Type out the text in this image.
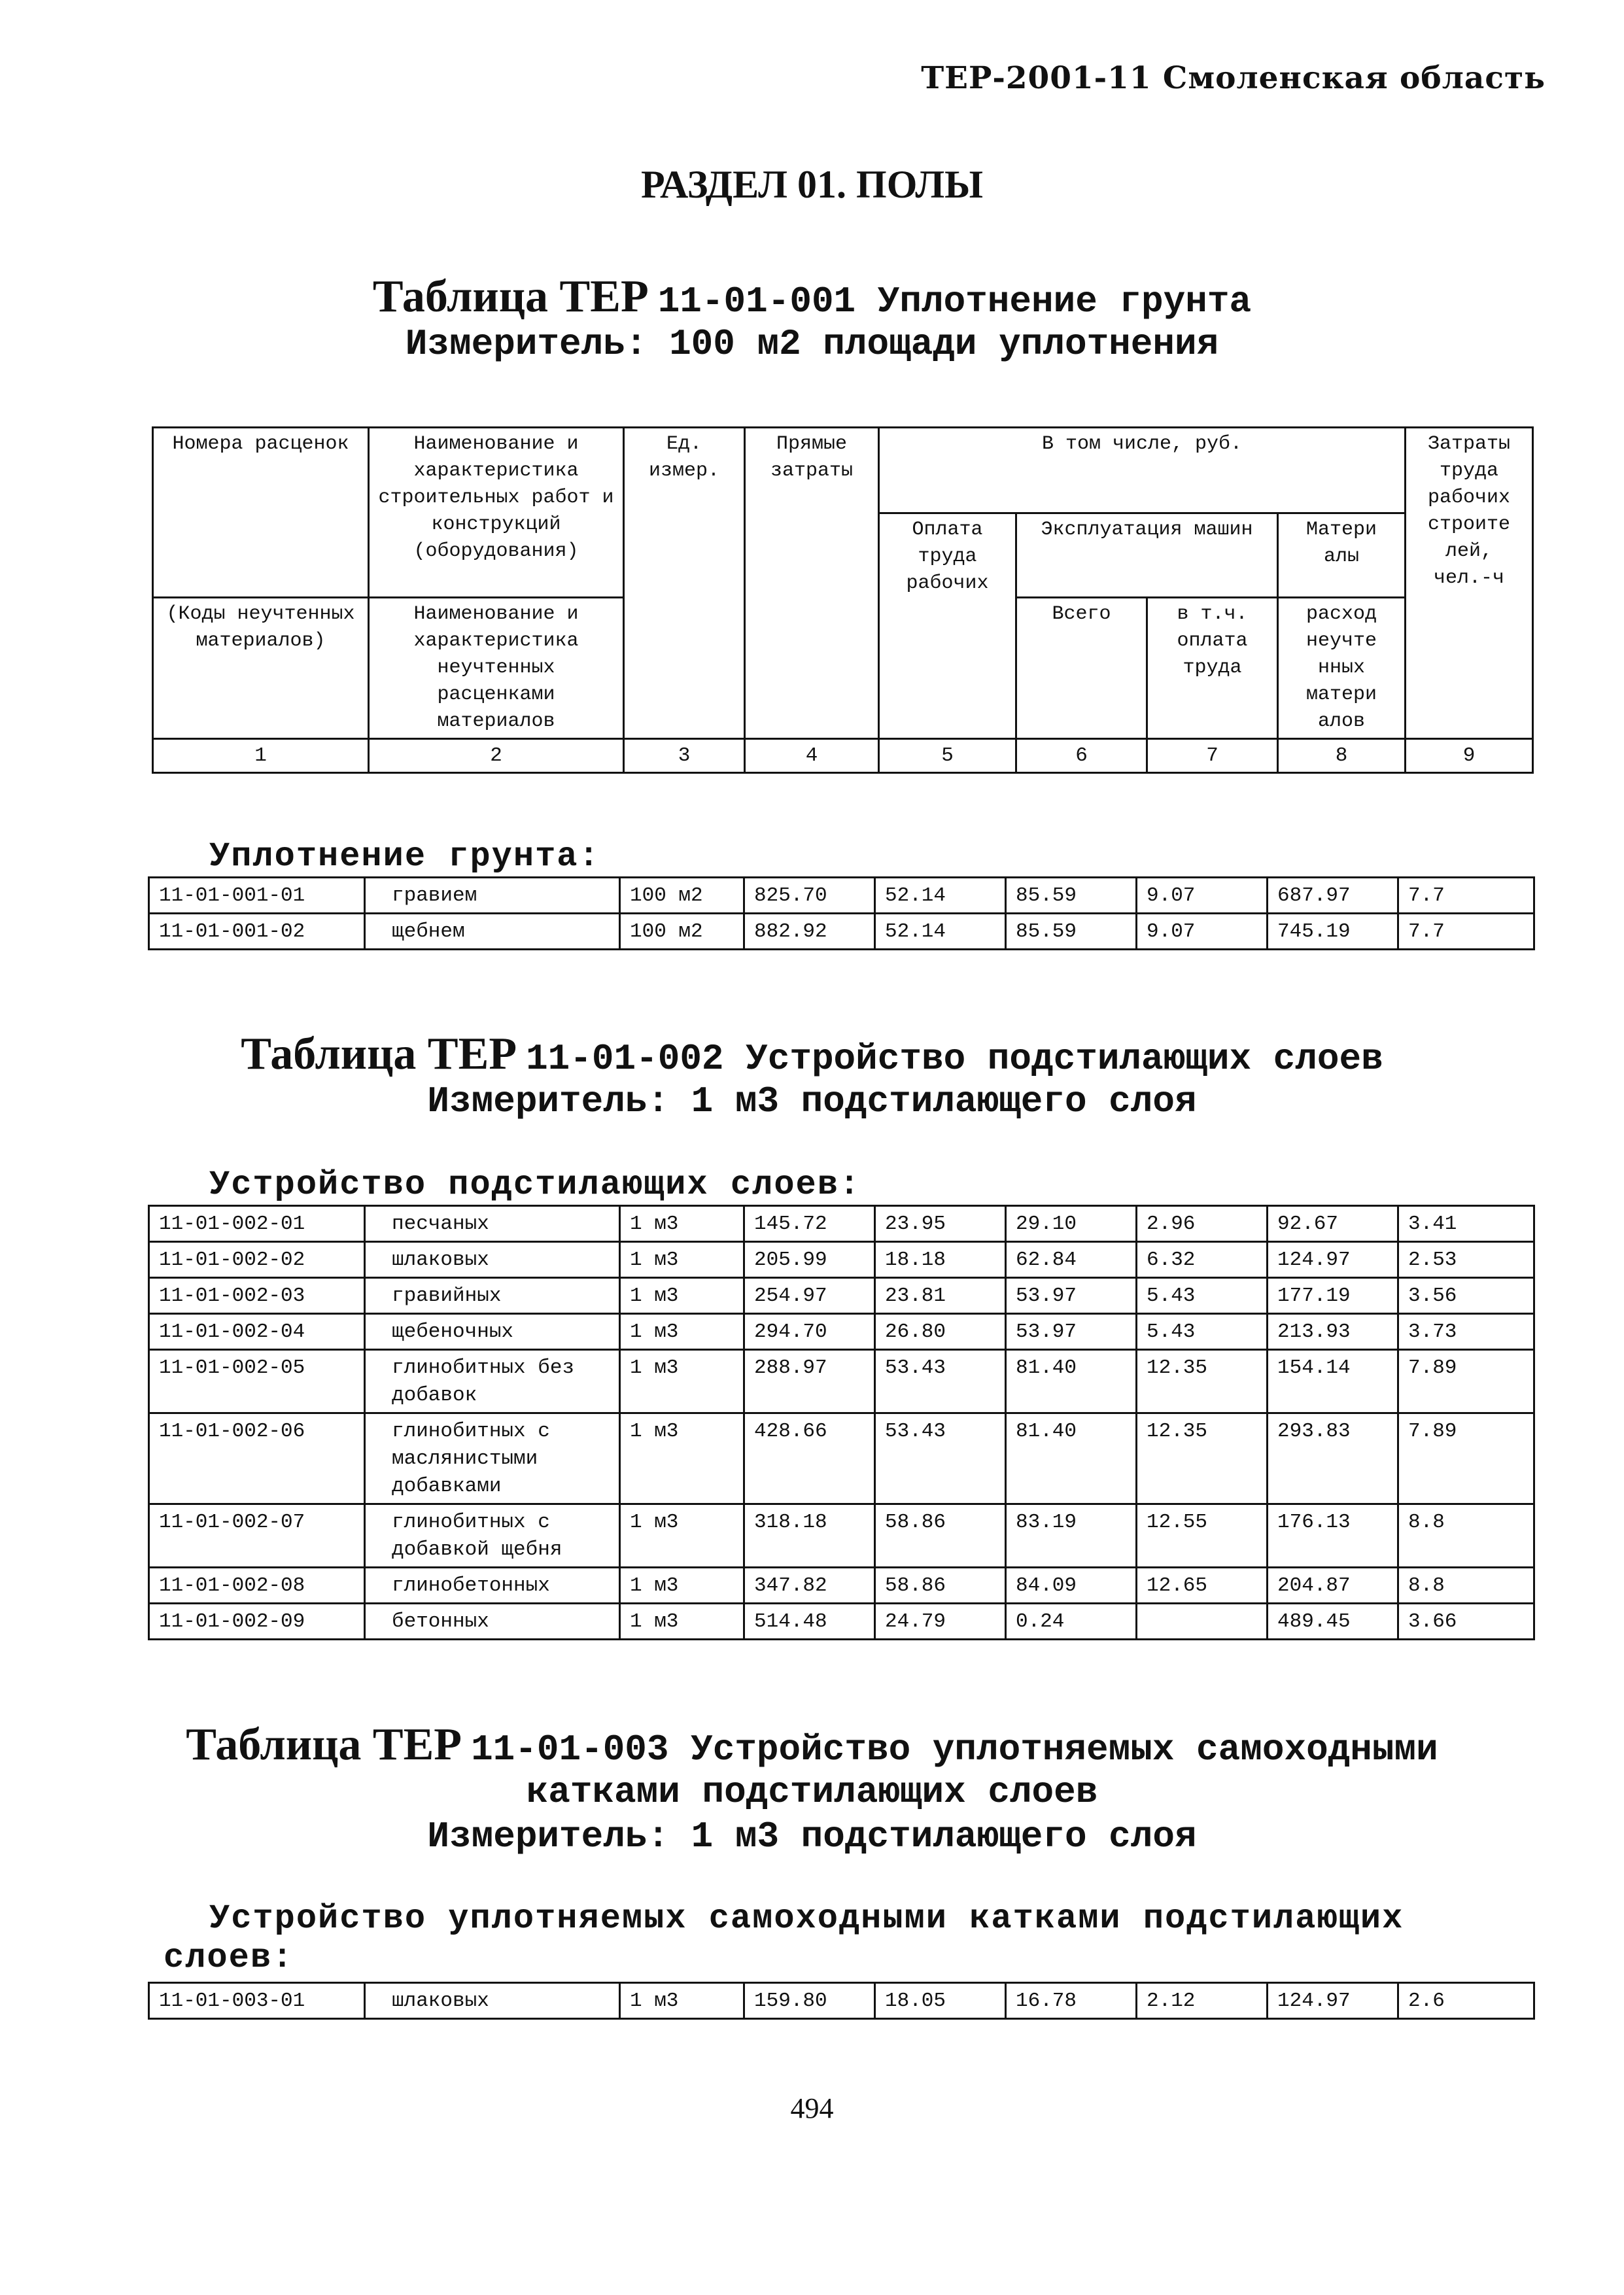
ТЕР-2001-11 Смоленская область
РАЗДЕЛ 01. ПОЛЫ
Таблица ТЕР 11-01-001 Уплотнение грунта
Измеритель: 100 м2 площади уплотнения
Номера расценок	Наименование и характеристика строительных работ и конструкций (оборудования)	Ед. измер.	Прямые затраты	В том числе, руб.				Затраты труда рабочих строите лей, чел.-ч	
				Оплата труда рабочих	Эксплуатация машин		Матери алы		
(Коды неучтенных материалов)	Наименование и характеристика неучтенных расценками материалов				Всего	в т.ч. оплата труда	расход неучте нных матери алов		

1	2	3	4	5	6	7	8	9	
Уплотнение грунта:
11-01-001-01	гравием	100 м2	825.70	52.14	85.59	9.07	687.97	7.7
11-01-001-02	щебнем	100 м2	882.92	52.14	85.59	9.07	745.19	7.7
Таблица ТЕР 11-01-002 Устройство подстилающих слоев
Измеритель: 1 м3 подстилающего слоя
Устройство подстилающих слоев:
11-01-002-01	песчаных	1 м3	145.72	23.95	29.10	2.96	92.67	3.41
11-01-002-02	шлаковых	1 м3	205.99	18.18	62.84	6.32	124.97	2.53
11-01-002-03	гравийных	1 м3	254.97	23.81	53.97	5.43	177.19	3.56
11-01-002-04	щебеночных	1 м3	294.70	26.80	53.97	5.43	213.93	3.73
11-01-002-05	глинобитных без добавок	1 м3	288.97	53.43	81.40	12.35	154.14	7.89
11-01-002-06	глинобитных с маслянистыми добавками	1 м3	428.66	53.43	81.40	12.35	293.83	7.89
11-01-002-07	глинобитных с добавкой щебня	1 м3	318.18	58.86	83.19	12.55	176.13	8.8
11-01-002-08	глинобетонных	1 м3	347.82	58.86	84.09	12.65	204.87	8.8
11-01-002-09	бетонных	1 м3	514.48	24.79	0.24		489.45	3.66
Таблица ТЕР 11-01-003 Устройство уплотняемых самоходными
катками подстилающих слоев
Измеритель: 1 м3 подстилающего слоя
Устройство уплотняемых самоходными катками подстилающих
слоев:
11-01-003-01	шлаковых	1 м3	159.80	18.05	16.78	2.12	124.97	2.6
494
